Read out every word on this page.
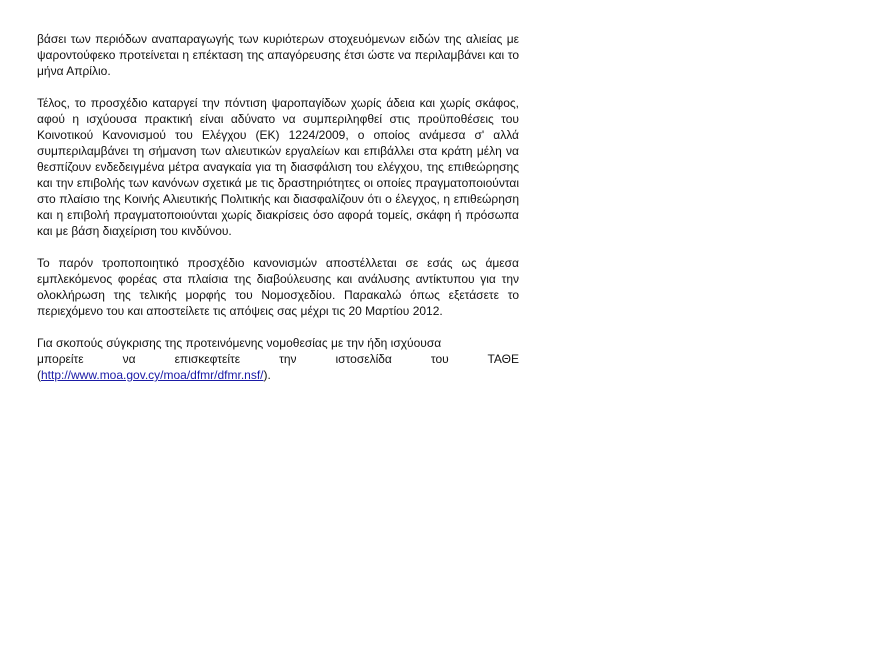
βάσει των περιόδων αναπαραγωγής των κυριότερων στοχευόμενων ειδών της αλιείας με ψαροντούφεκο προτείνεται η επέκταση της απαγόρευσης έτσι ώστε να περιλαμβάνει και το μήνα Απρίλιο.

Τέλος, το προσχέδιο καταργεί την πόντιση ψαροπαγίδων χωρίς άδεια και χωρίς σκάφος, αφού η ισχύουσα πρακτική είναι αδύνατο να συμπεριληφθεί στις προϋποθέσεις του Κοινοτικού Κανονισμού του Ελέγχου (ΕΚ) 1224/2009, ο οποίος ανάμεσα σ' αλλά συμπεριλαμβάνει τη σήμανση των αλιευτικών εργαλείων και επιβάλλει στα κράτη μέλη να θεσπίζουν ενδεδειγμένα μέτρα αναγκαία για τη διασφάλιση του ελέγχου, της επιθεώρησης και την επιβολής των κανόνων σχετικά με τις δραστηριότητες οι οποίες πραγματοποιούνται στο πλαίσιο της Κοινής Αλιευτικής Πολιτικής και διασφαλίζουν ότι ο έλεγχος, η επιθεώρηση και η επιβολή πραγματοποιούνται χωρίς διακρίσεις όσο αφορά τομείς, σκάφη ή πρόσωπα και με βάση διαχείριση του κινδύνου.

Το παρόν τροποποιητικό προσχέδιο κανονισμών αποστέλλεται σε εσάς ως άμεσα εμπλεκόμενος φορέας στα πλαίσια της διαβούλευσης και ανάλυσης αντίκτυπου για την ολοκλήρωση της τελικής μορφής του Νομοσχεδίου. Παρακαλώ όπως εξετάσετε το περιεχόμενο του και αποστείλετε τις απόψεις σας μέχρι τις 20 Μαρτίου 2012.

Για σκοπούς σύγκρισης της προτεινόμενης νομοθεσίας με την ήδη ισχύουσα

μπορείτε να επισκεφτείτε την ιστοσελίδα του ΤΑΘΕ
(http://www.moa.gov.cy/moa/dfmr/dfmr.nsf/).
